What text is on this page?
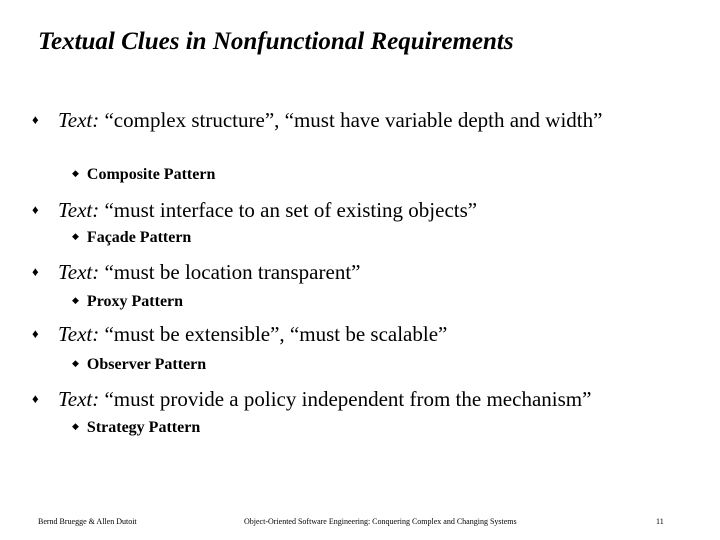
Textual Clues in Nonfunctional Requirements
♦ Text: “complex structure”, “must have variable depth and width”
◆ Composite Pattern
♦ Text: “must interface to an set of existing objects”
◆ Façade Pattern
♦ Text: “must be location transparent”
◆ Proxy Pattern
♦ Text: “must be extensible”, “must be scalable”
◆ Observer Pattern
♦ Text: “must provide a policy independent from the mechanism”
◆ Strategy Pattern
Bernd Bruegge & Allen Dutoit	Object-Oriented Software Engineering: Conquering Complex and Changing Systems	11
